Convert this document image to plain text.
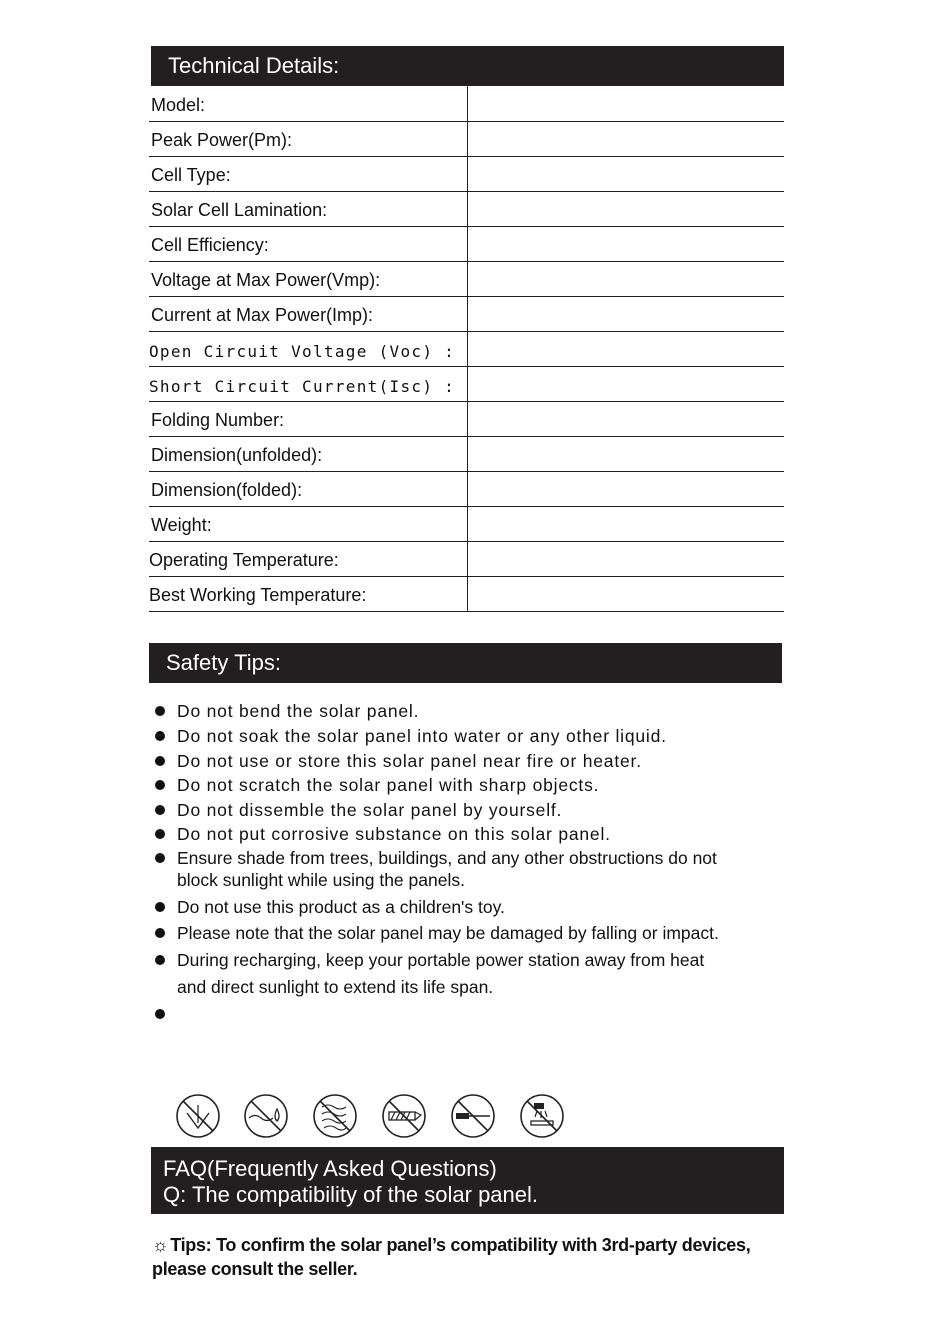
Technical Details:
Model:
Peak Power(Pm):
Cell Type:
Solar Cell Lamination:
Cell Efficiency:
Voltage at Max Power(Vmp):
Current at Max Power(Imp):
Open Circuit Voltage (Voc) :
Short Circuit Current(Isc) :
Folding Number:
Dimension(unfolded):
Dimension(folded):
Weight:
Operating Temperature:
Best Working Temperature:
Safety Tips:
Do not bend the solar panel.
Do not soak the solar panel into water or any other liquid.
Do not use or store this solar panel near fire or heater.
Do not scratch the solar panel with sharp objects.
Do not dissemble the solar panel by yourself.
Do not put corrosive substance on this solar panel.
Ensure shade from trees, buildings, and any other obstructions do not
block sunlight while using the panels.
Do not use this product as a children's toy.
Please note that the solar panel may be damaged by falling or impact.
During recharging, keep your portable power station away from heat
and direct sunlight to extend its life span.
FAQ(Frequently Asked Questions)
Q: The compatibility of the solar panel.
☼ Tips: To confirm the solar panel’s compatibility with 3rd-party devices,
please consult the seller.
